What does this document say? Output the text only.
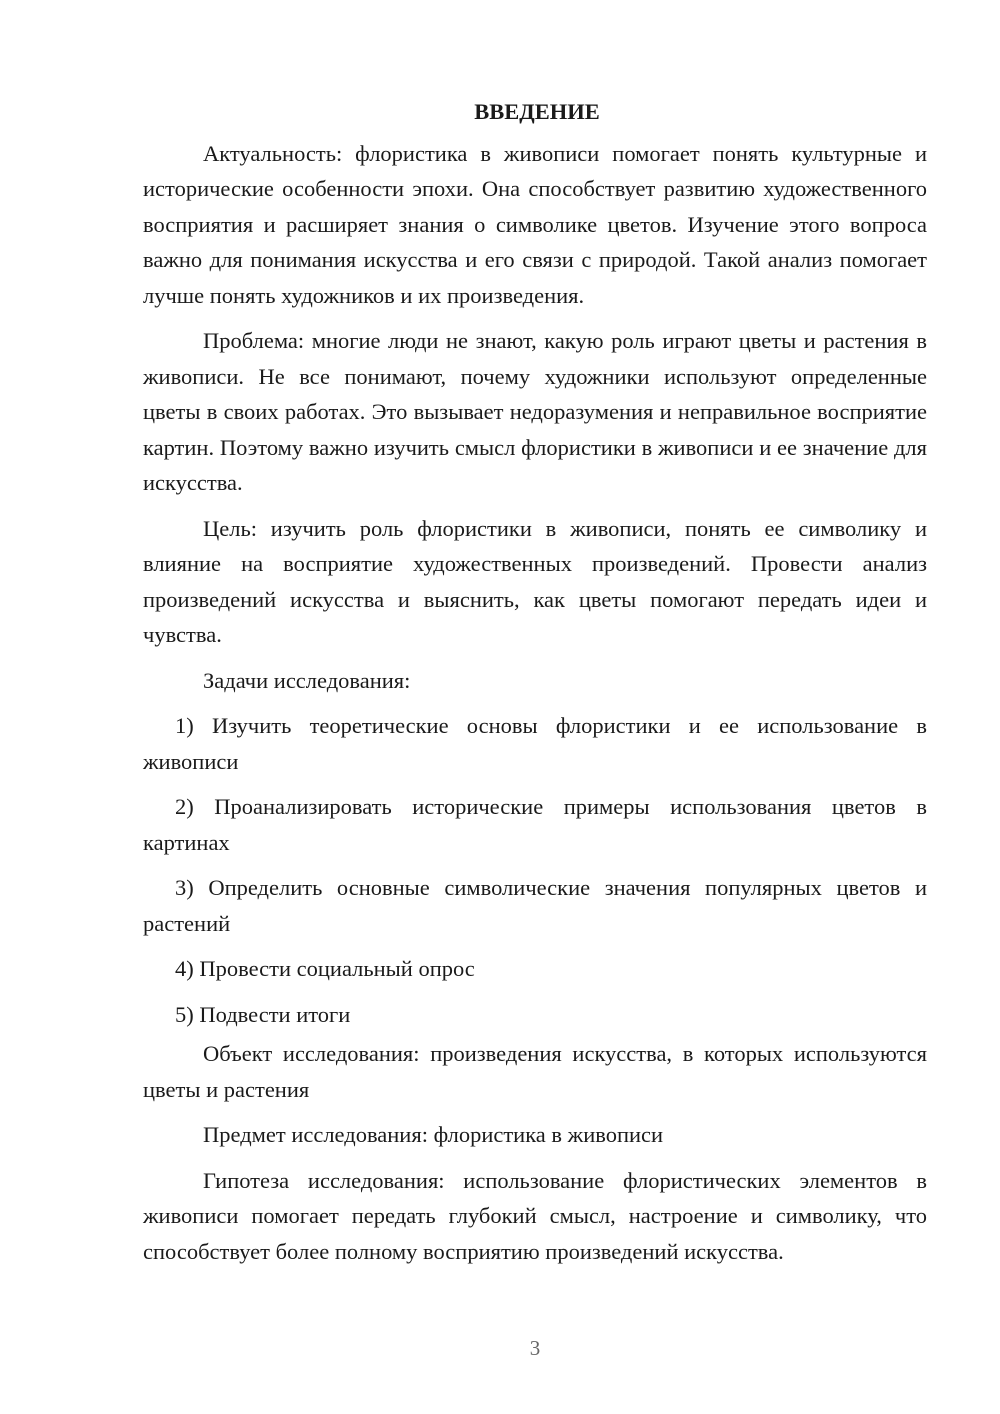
ВВЕДЕНИЕ

Актуальность: флористика в живописи помогает понять культурные и исторические особенности эпохи. Она способствует развитию художественного восприятия и расширяет знания о символике цветов. Изучение этого вопроса важно для понимания искусства и его связи с природой. Такой анализ помогает лучше понять художников и их произведения.

Проблема: многие люди не знают, какую роль играют цветы и растения в живописи. Не все понимают, почему художники используют определенные цветы в своих работах. Это вызывает недоразумения и неправильное восприятие картин. Поэтому важно изучить смысл флористики в живописи и ее значение для искусства.

Цель: изучить роль флористики в живописи, понять ее символику и влияние на восприятие художественных произведений. Провести анализ произведений искусства и выяснить, как цветы помогают передать идеи и чувства.

Задачи исследования:

1) Изучить теоретические основы флористики и ее использование в живописи

2) Проанализировать исторические примеры использования цветов в картинах

3) Определить основные символические значения популярных цветов и растений

4) Провести социальный опрос

5) Подвести итоги

Объект исследования: произведения искусства, в которых используются цветы и растения

Предмет исследования: флористика в живописи

Гипотеза исследования: использование флористических элементов в живописи помогает передать глубокий смысл, настроение и символику, что способствует более полному восприятию произведений искусства.

3
